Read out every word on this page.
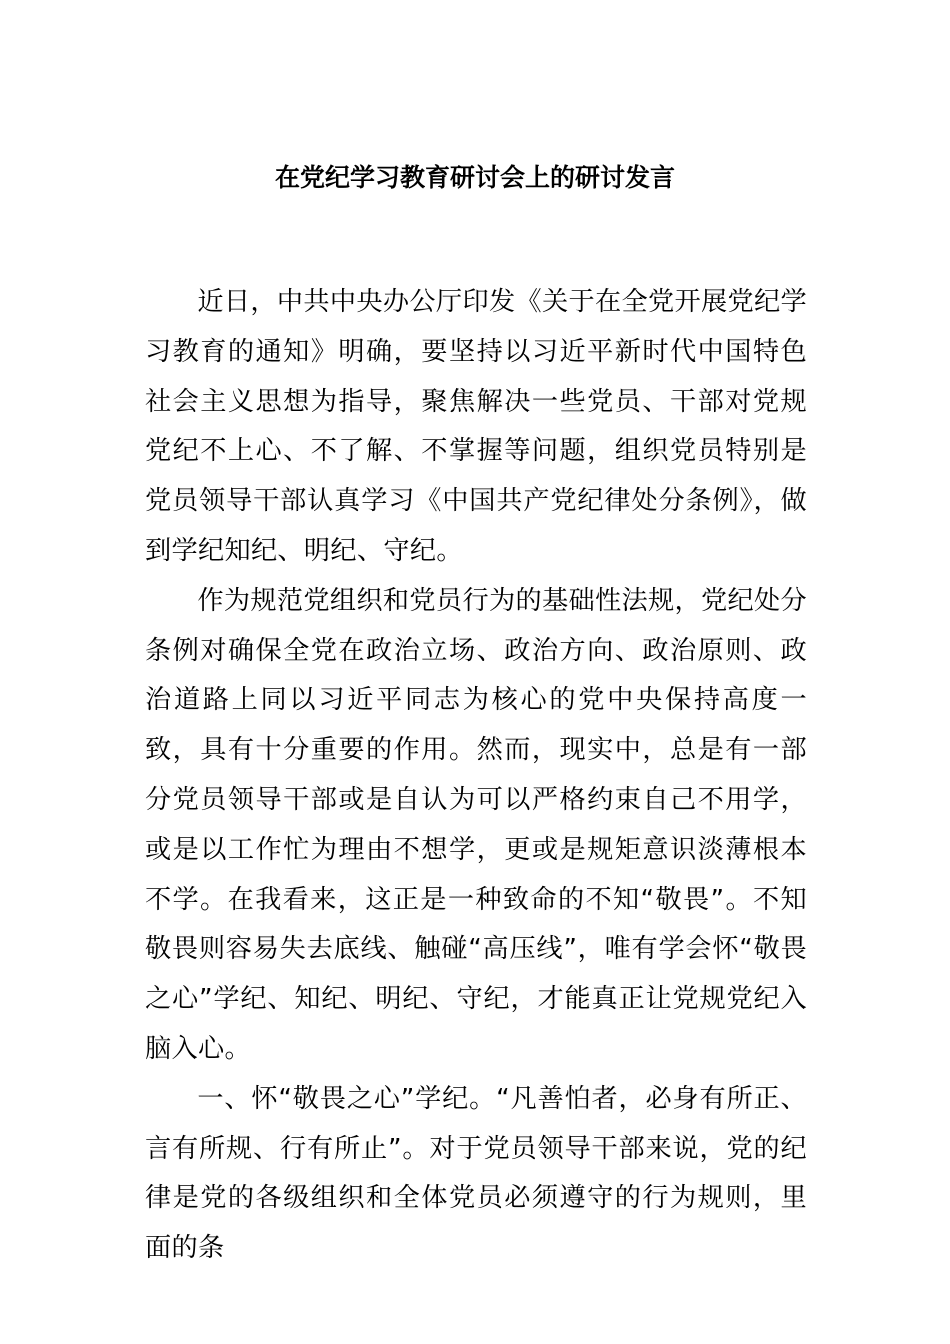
在党纪学习教育研讨会上的研讨发言

近日，中共中央办公厅印发《关于在全党开展党纪学习教育的通知》明确，要坚持以习近平新时代中国特色社会主义思想为指导，聚焦解决一些党员、干部对党规党纪不上心、不了解、不掌握等问题，组织党员特别是党员领导干部认真学习《中国共产党纪律处分条例》，做到学纪知纪、明纪、守纪。

作为规范党组织和党员行为的基础性法规，党纪处分条例对确保全党在政治立场、政治方向、政治原则、政治道路上同以习近平同志为核心的党中央保持高度一致，具有十分重要的作用。然而，现实中，总是有一部分党员领导干部或是自认为可以严格约束自己不用学，或是以工作忙为理由不想学，更或是规矩意识淡薄根本不学。在我看来，这正是一种致命的不知“敬畏”。不知敬畏则容易失去底线、触碰“高压线”，唯有学会怀“敬畏之心”学纪、知纪、明纪、守纪，才能真正让党规党纪入脑入心。

一、怀“敬畏之心”学纪。“凡善怕者，必身有所正、言有所规、行有所止”。对于党员领导干部来说，党的纪律是党的各级组织和全体党员必须遵守的行为规则，里面的条
